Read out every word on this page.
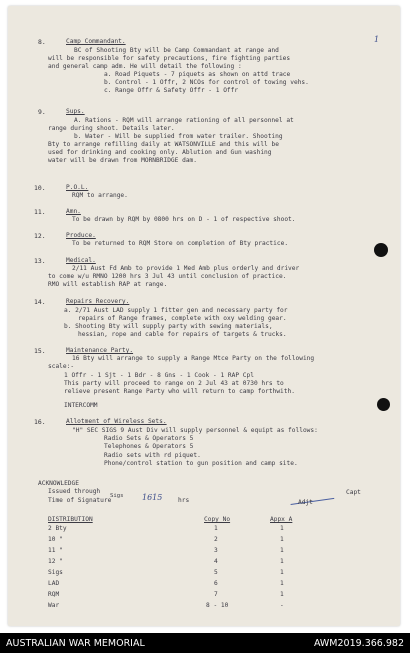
8.	Camp Commandant.	1
BC of Shooting Bty will be Camp Commandant at range and
will be responsible for safety precautions, fire fighting parties
and general camp adm. He will detail the following :
a. Road Piquets - 7 piquets as shown on attd trace
b. Control - 1 Offr, 2 NCOs for control of towing vehs.
c. Range Offr & Safety Offr - 1 Offr
9.	Sups.
A. Rations - RQM will arrange rationing of all personnel at
range during shoot. Details later.
b. Water - Will be supplied from water trailer. Shooting
Bty to arrange refilling daily at WATSONVILLE and this will be
used for drinking and cooking only. Ablution and Gun washing
water will be drawn from MORNBRIDGE dam.
10.	P.O.L.
RQM to arrange.
11.	Amn.
To be drawn by RQM by 0800 hrs on D - 1 of respective shoot.
12.	Produce.
To be returned to RQM Store on completion of Bty practice.
13.	Medical.
2/11 Aust Fd Amb to provide 1 Med Amb plus orderly and driver
to come w/u RMNO 1200 hrs 3 Jul 43 until conclusion of practice.
RMO will establish RAP at range.
14.	Repairs Recovery.
a. 2/71 Aust LAD supply 1 fitter gen and necessary party for
repairs of Range frames, complete with oxy welding gear.
b. Shooting Bty will supply party with sewing materials,
hessian, rope and cable for repairs of targets & trucks.
15.	Maintenance Party.
16 Bty will arrange to supply a Range Mtce Party on the following
scale:-
1 Offr - 1 Sjt - 1 Bdr - 8 Gns - 1 Cook - 1 RAP Cpl
This party will proceed to range on 2 Jul 43 at 0730 hrs to
relieve present Range Party who will return to camp forthwith.
INTERCOMM
16.	Allotment of Wireless Sets.
"H" SEC SIGS 9 Aust Div will supply personnel & equipt as follows:
Radio Sets & Operators 5
Telephones & Operators 5
Radio sets with rd piquet.
Phone/control station to gun position and camp site.
ACKNOWLEDGE
Issued through
Sigs
Time of Signature	1615	hrs
Capt
Adjt
DISTRIBUTION	Copy No	Appx A
2 Bty	1	1
10 "	2	1
11 "	3	1
12 "	4	1
Sigs	5	1
LAD	6	1
RQM	7	1
War	8 - 10	-
AUSTRALIAN WAR MEMORIAL	AWM2019.366.982
